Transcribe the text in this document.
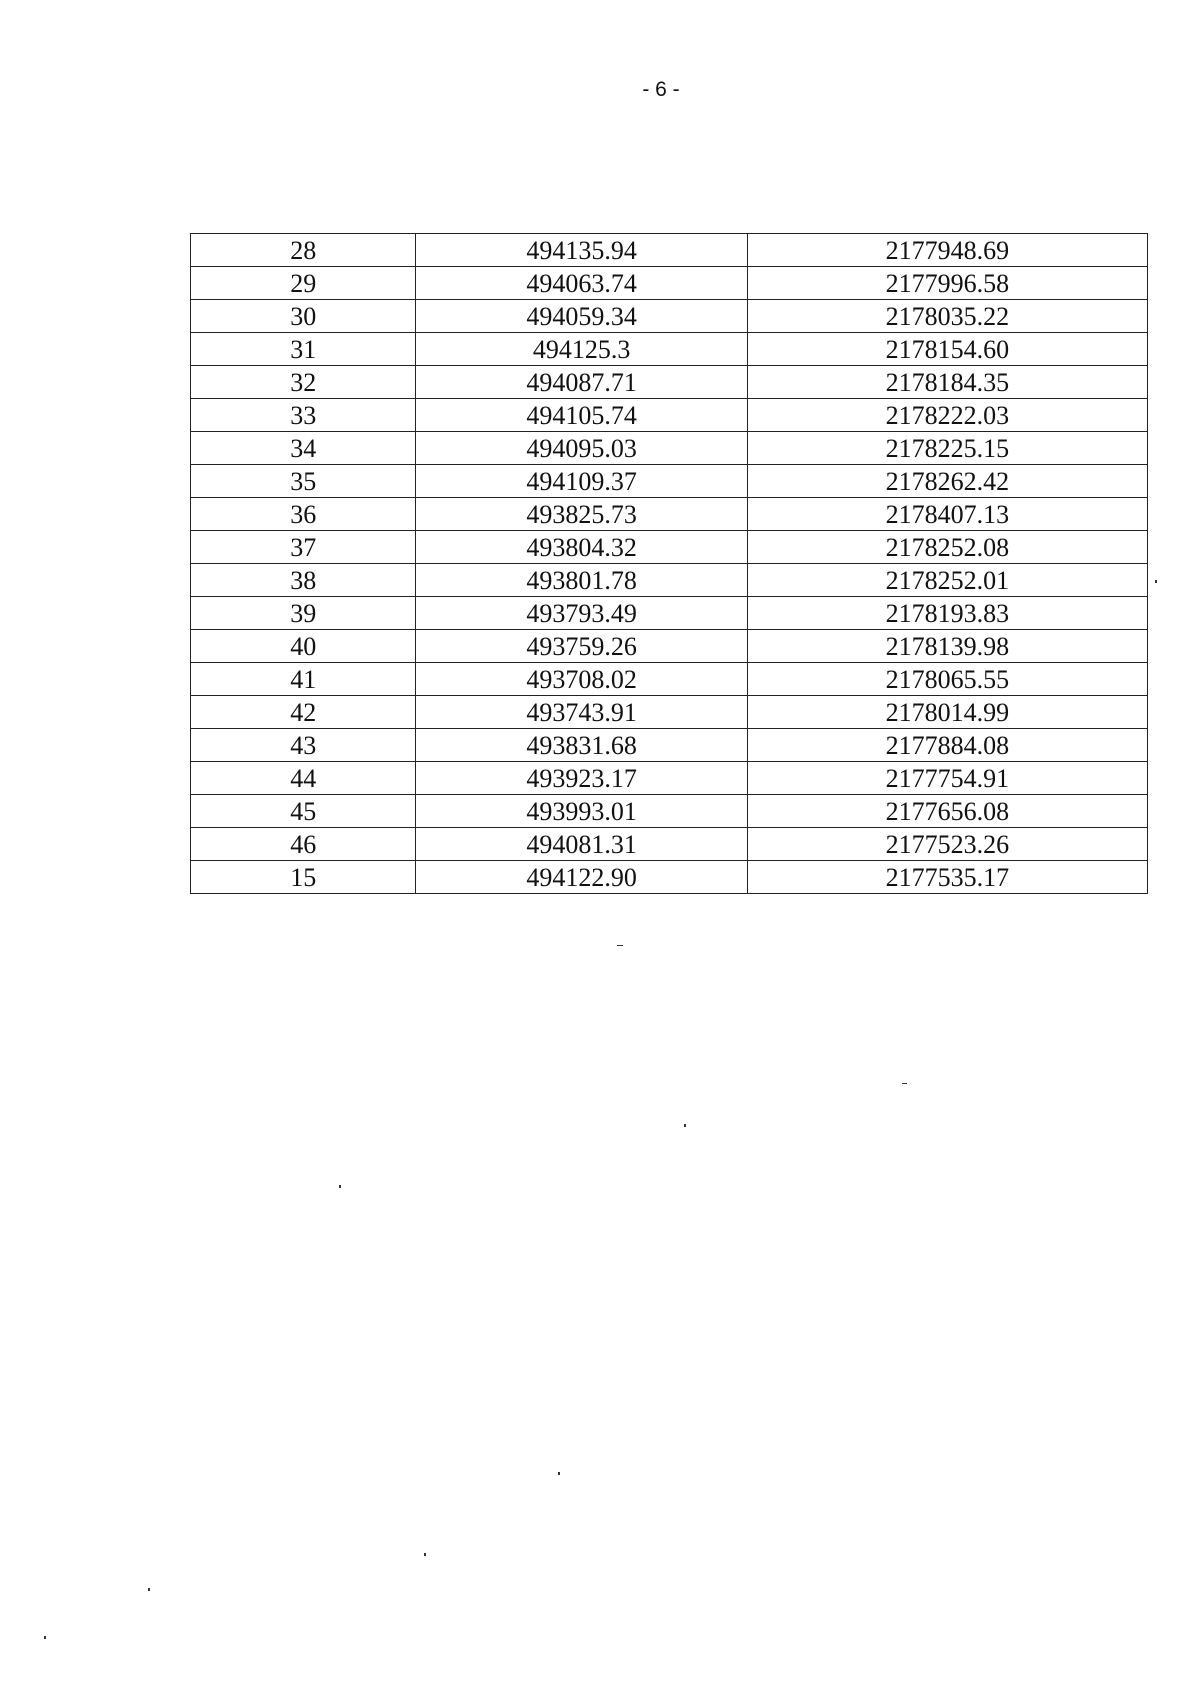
- 6 -
28	494135.94	2177948.69
29	494063.74	2177996.58
30	494059.34	2178035.22
31	494125.3	2178154.60
32	494087.71	2178184.35
33	494105.74	2178222.03
34	494095.03	2178225.15
35	494109.37	2178262.42
36	493825.73	2178407.13
37	493804.32	2178252.08
38	493801.78	2178252.01
39	493793.49	2178193.83
40	493759.26	2178139.98
41	493708.02	2178065.55
42	493743.91	2178014.99
43	493831.68	2177884.08
44	493923.17	2177754.91
45	493993.01	2177656.08
46	494081.31	2177523.26
15	494122.90	2177535.17
